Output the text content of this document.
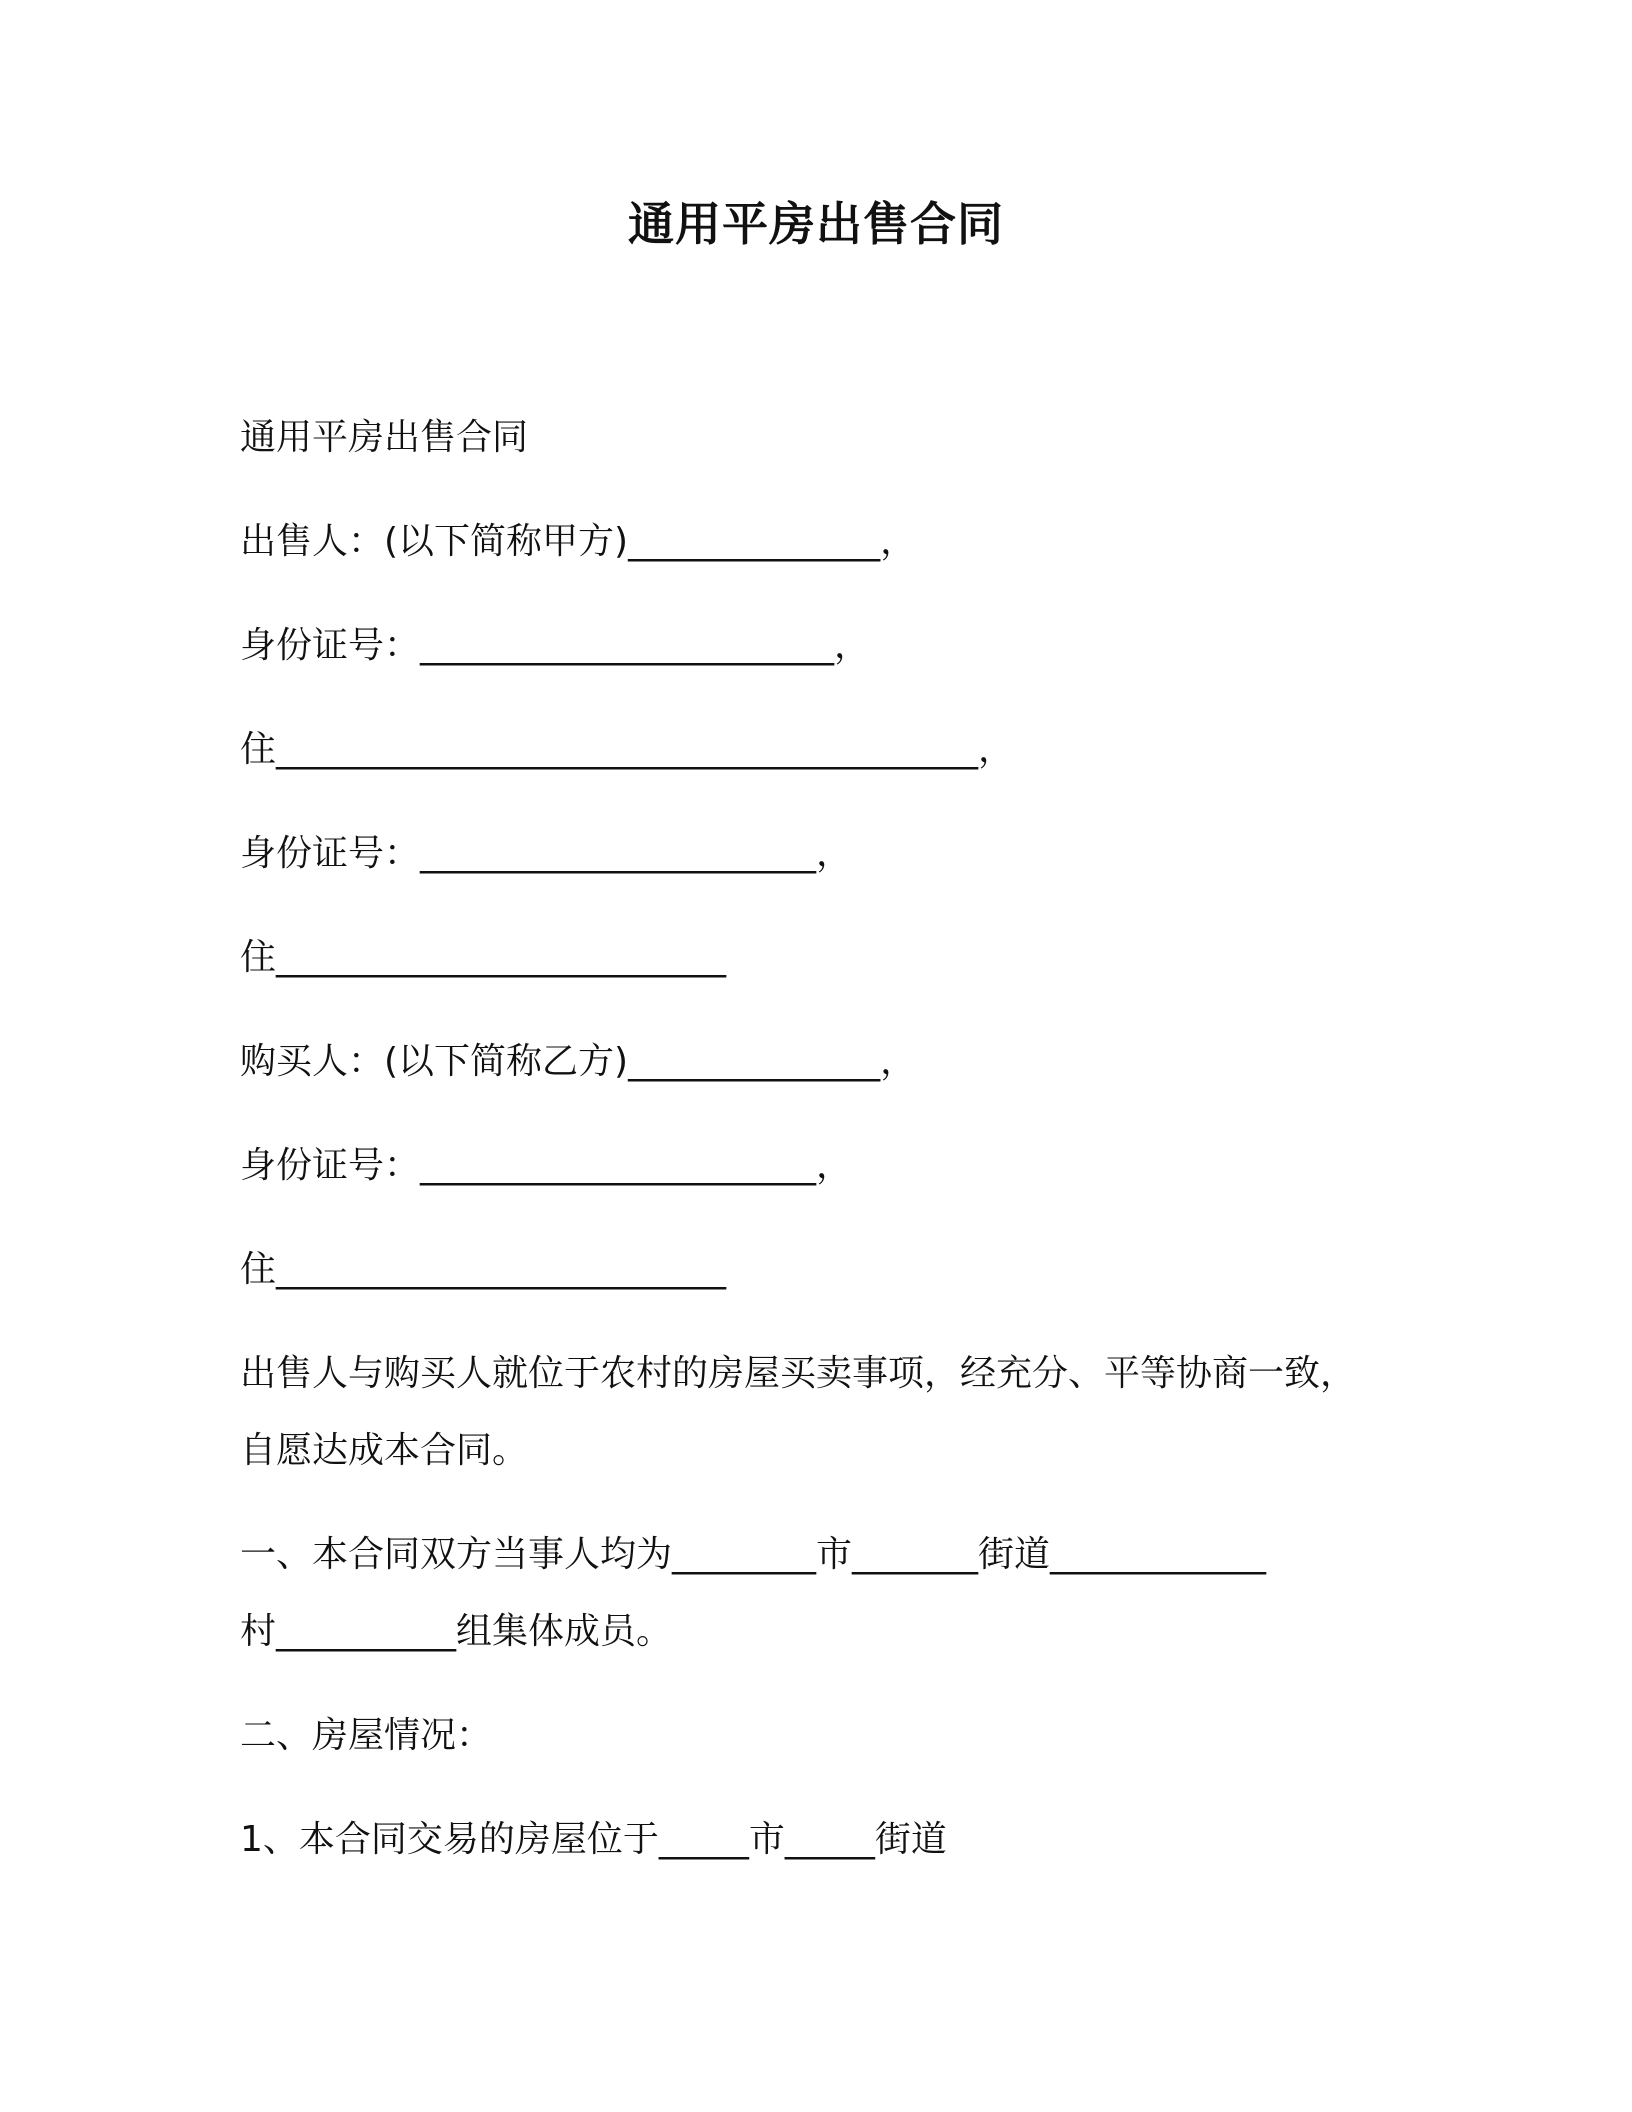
通用平房出售合同

通用平房出售合同

出售人：(以下简称甲方)______________，

身份证号：_______________________，

住_______________________________________，

身份证号：______________________，

住_________________________

购买人：(以下简称乙方)______________，

身份证号：______________________，

住_________________________

出售人与购买人就位于农村的房屋买卖事项，经充分、平等协商一致，

自愿达成本合同。

一、本合同双方当事人均为________市_______街道____________

村__________组集体成员。

二、房屋情况：

1、本合同交易的房屋位于_____市_____街道
